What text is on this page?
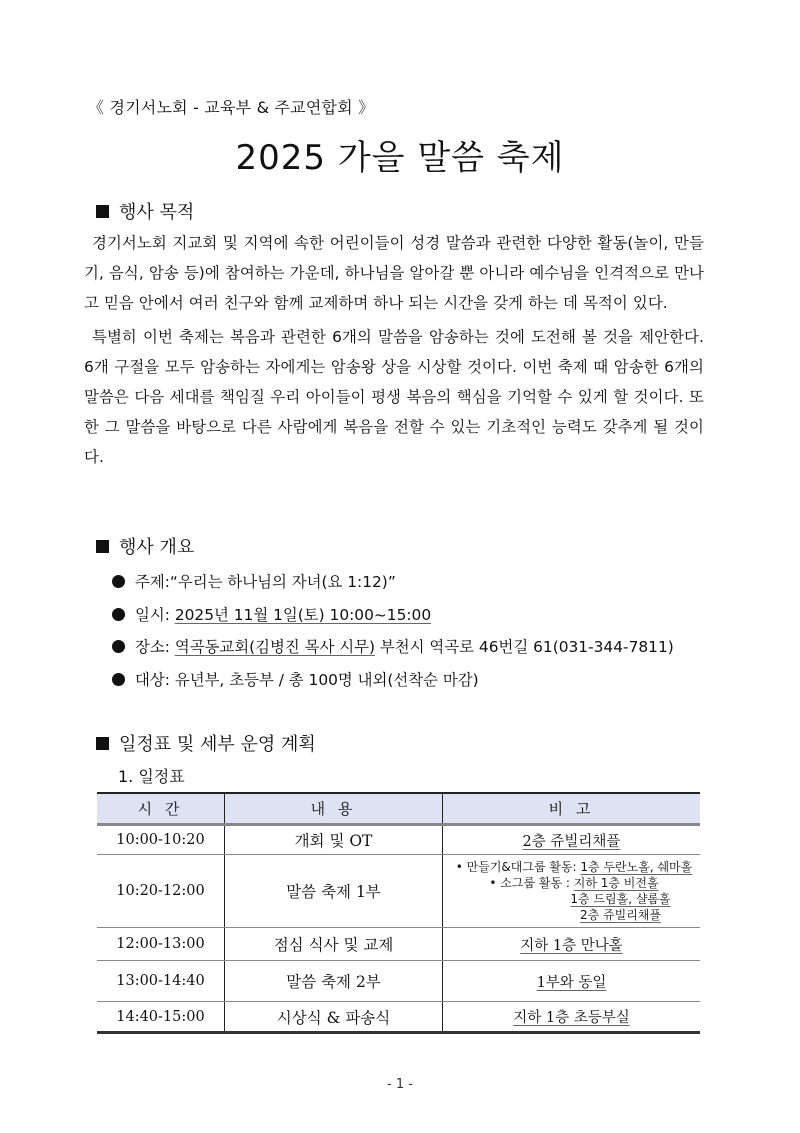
《 경기서노회 - 교육부 & 주교연합회 》
2025 가을 말씀 축제
행사 목적

경기서노회 지교회 및 지역에 속한 어린이들이 성경 말씀과 관련한 다양한 활동(놀이, 만들기, 음식, 암송 등)에 참여하는 가운데, 하나님을 알아갈 뿐 아니라 예수님을 인격적으로 만나고 믿음 안에서 여러 친구와 함께 교제하며 하나 되는 시간을 갖게 하는 데 목적이 있다.

특별히 이번 축제는 복음과 관련한 6개의 말씀을 암송하는 것에 도전해 볼 것을 제안한다. 6개 구절을 모두 암송하는 자에게는 암송왕 상을 시상할 것이다. 이번 축제 때 암송한 6개의 말씀은 다음 세대를 책임질 우리 아이들이 평생 복음의 핵심을 기억할 수 있게 할 것이다. 또한 그 말씀을 바탕으로 다른 사람에게 복음을 전할 수 있는 기초적인 능력도 갖추게 될 것이다.

행사 개요
주제:“우리는 하나님의 자녀(요 1:12)”
일시: 2025년 11월 1일(토) 10:00~15:00
장소: 역곡동교회(김병진 목사 시무) 부천시 역곡로 46번길 61(031-344-7811)
대상: 유년부, 초등부 / 총 100명 내외(선착순 마감)
일정표 및 세부 운영 계획
1. 일정표
시 간	내 용	비 고
10:00-10:20	개회 및 OT	2층 쥬빌리채플
10:20-12:00	말씀 축제 1부	• 만들기&대그룹 활동: 1층 두란노홀, 쉐마홀
• 소그룹 활동 : 지하 1층 비전홀
1층 드림홀, 샬롬홀
2층 쥬빌리채플

12:00-13:00	점심 식사 및 교제	지하 1층 만나홀
13:00-14:40	말씀 축제 2부	1부와 동일
14:40-15:00	시상식 & 파송식	지하 1층 초등부실
- 1 -
